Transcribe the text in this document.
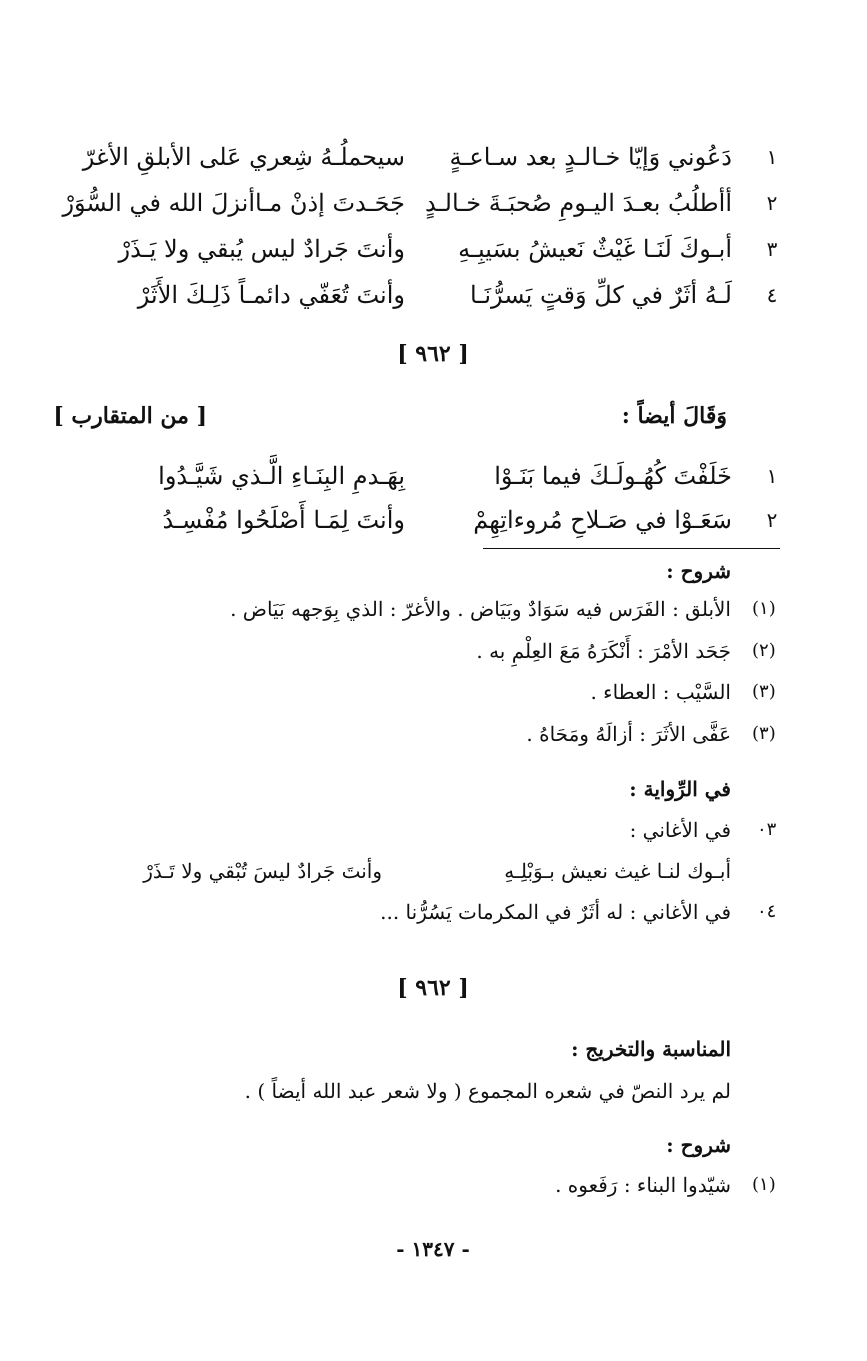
١
دَعُوني وَإيّا خـالـدٍ بعد سـاعـةٍ
سيحملُـهُ شِعري عَلى الأبلقِ الأغرّ
٢
أأطلُبُ بعـدَ اليـومِ صُحبَـةَ خـالـدٍ
جَحَـدتَ إذنْ مـاأنزلَ الله في السُّوَرْ
٣
أبـوكَ لَنَـا غَيْثٌ نَعيشُ بسَيبِـهِ
وأنتَ جَرادٌ ليس يُبقي ولا يَـذَرْ
٤
لَـهُ أثَرٌ في كلِّ وَقتٍ يَسرُّنَـا
وأنتَ تُعَفّي دائمـاً ذَلِـكَ الأَثَرْ
[ ٩٦٢ ]
وَقَالَ أيضاً :
[ من المتقارب ]
١
خَلَفْتَ كُهُـولَـكَ فيما بَنَـوْا
بِهَـدمِ البِنَـاءِ الَّـذي شَيَّـدُوا
٢
سَعَـوْا في صَـلاحِ مُروءاتِهِمْ
وأنتَ لِمَـا أَصْلَحُوا مُفْسِـدُ
شروح :
(١)
الأبلق : الفَرَس فيه سَوَادٌ وبَيَاض . والأغرّ : الذي بِوَجهه بَيَاض .
(٢)
جَحَد الأمْرَ : أَنْكَرَهُ مَعَ العِلْمِ به .
(٣)
السَّيْب : العطاء .
(٣)
عَفَّى الأثَرَ : أزالَهُ ومَحَاهُ .
في الرِّواية :
٠٣
في الأغاني :
أبـوك لنـا غيث نعيش بـوَبْلِـهِ
وأنتَ جَرادٌ ليسَ تُبْقي ولا تَـذَرْ
٠٤
في الأغاني : له أثَرٌ في المكرمات يَسُرُّنا ...
[ ٩٦٢ ]
المناسبة والتخريج :
لم يرد النصّ في شعره المجموع ( ولا شعر عبد الله أيضاً ) .
شروح :
(١)
شيّدوا البناء : رَفَعوه .
- ١٣٤٧ -
